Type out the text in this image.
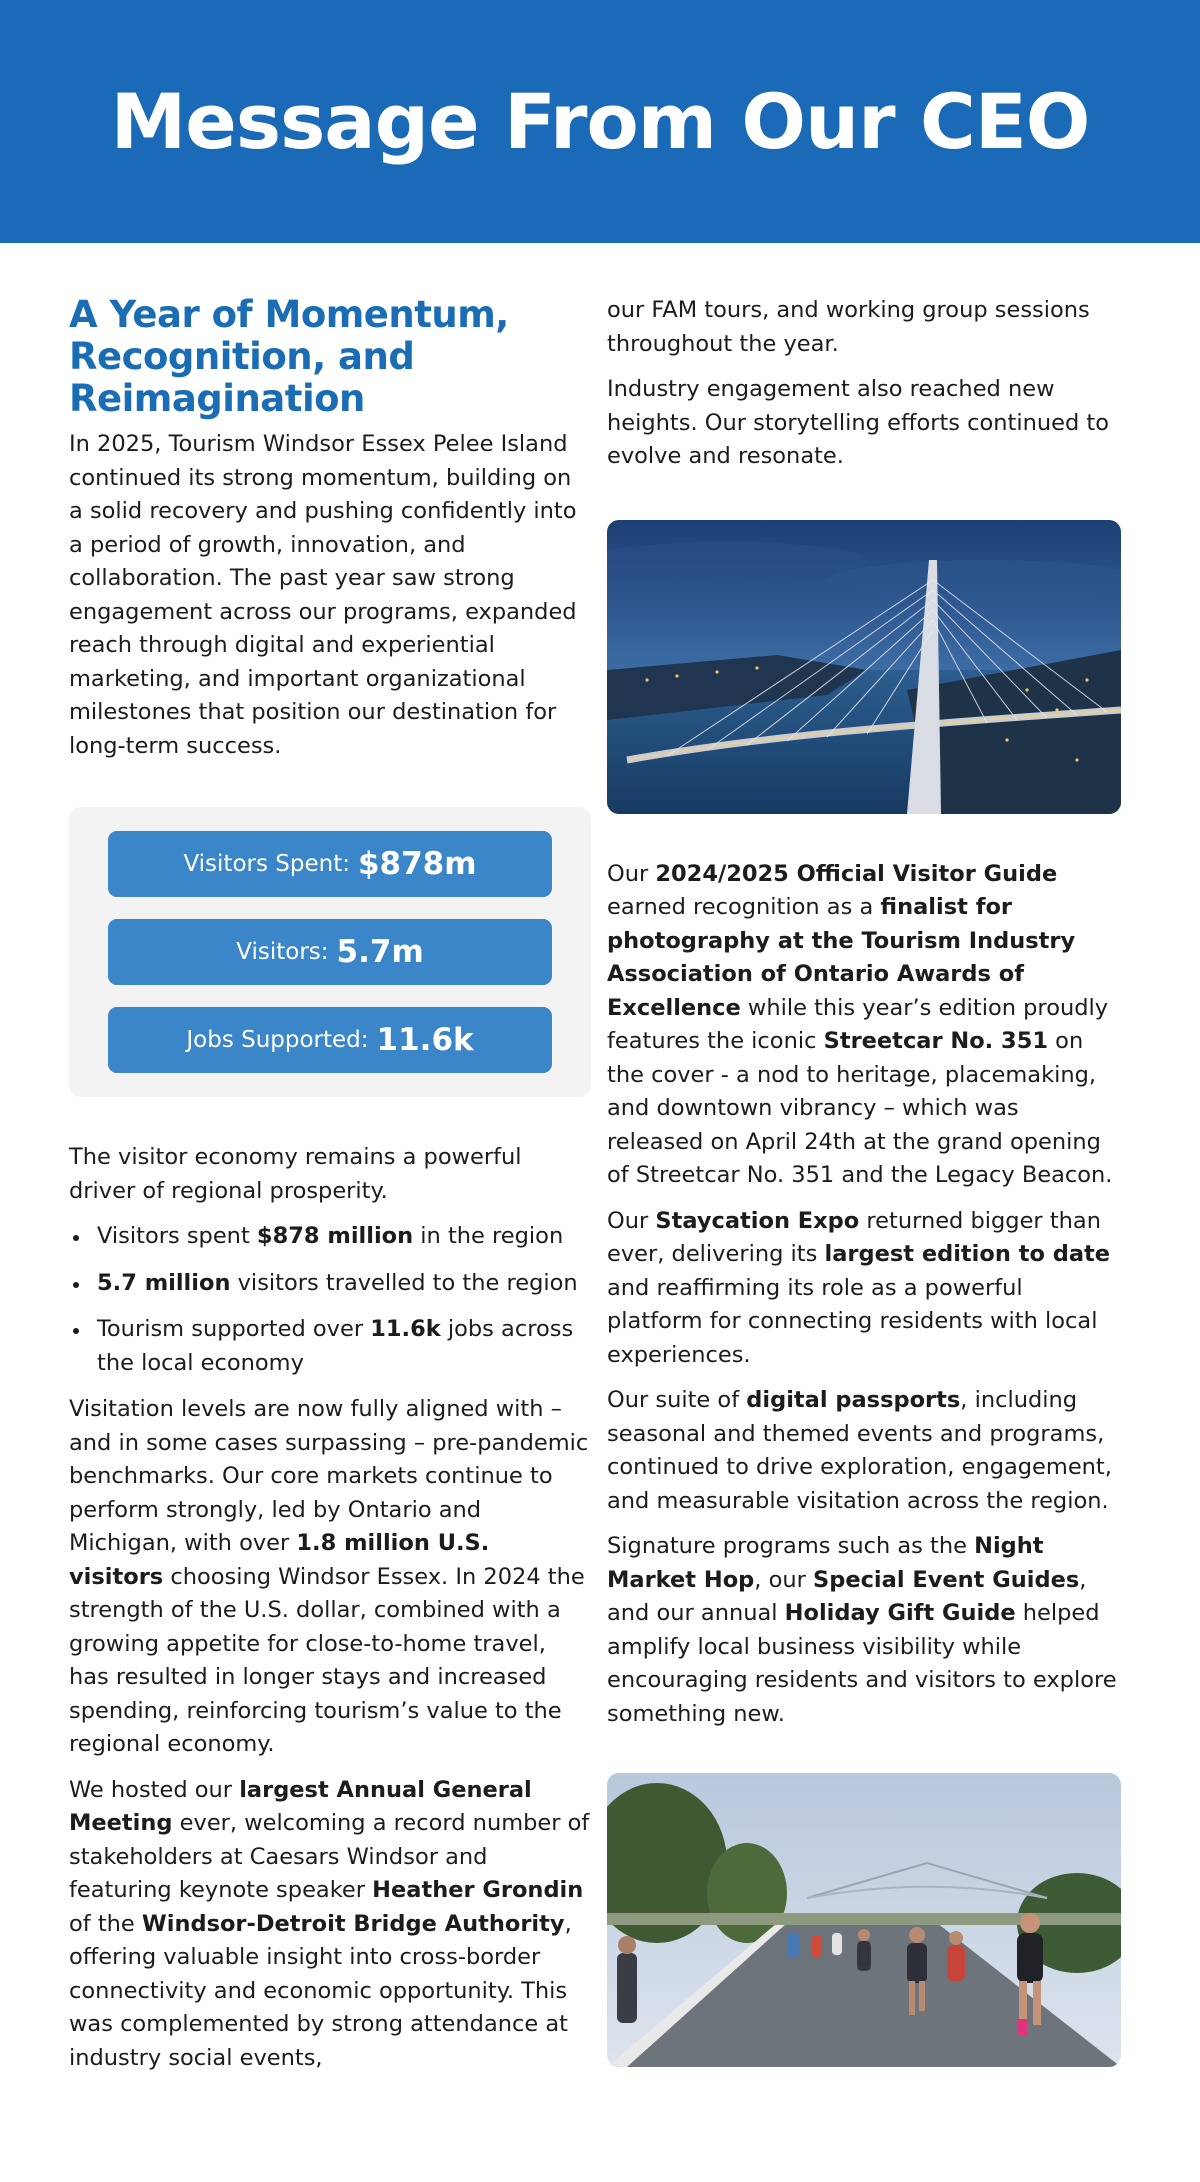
Message From Our CEO
A Year of Momentum, Recognition, and Reimagination

In 2025, Tourism Windsor Essex Pelee Island continued its strong momentum, building on a solid recovery and pushing confidently into a period of growth, innovation, and collaboration. The past year saw strong engagement across our programs, expanded reach through digital and experiential marketing, and important organizational milestones that position our destination for long-term success.

Visitors Spent: $878m
Visitors: 5.7m
Jobs Supported: 11.6k

The visitor economy remains a powerful driver of regional prosperity.

Visitors spent $878 million in the region
5.7 million visitors travelled to the region
Tourism supported over 11.6k jobs across the local economy

Visitation levels are now fully aligned with – and in some cases surpassing – pre-pandemic benchmarks. Our core markets continue to perform strongly, led by Ontario and Michigan, with over 1.8 million U.S. visitors choosing Windsor Essex. In 2024 the strength of the U.S. dollar, combined with a growing appetite for close-to-home travel, has resulted in longer stays and increased spending, reinforcing tourism’s value to the regional economy.

We hosted our largest Annual General Meeting ever, welcoming a record number of stakeholders at Caesars Windsor and featuring keynote speaker Heather Grondin of the Windsor-Detroit Bridge Authority, offering valuable insight into cross-border connectivity and economic opportunity. This was complemented by strong attendance at industry social events,

our FAM tours, and working group sessions throughout the year.

Industry engagement also reached new heights. Our storytelling efforts continued to evolve and resonate.

Our 2024/2025 Official Visitor Guide earned recognition as a finalist for photography at the Tourism Industry Association of Ontario Awards of Excellence while this year’s edition proudly features the iconic Streetcar No. 351 on the cover - a nod to heritage, placemaking, and downtown vibrancy – which was released on April 24th at the grand opening of Streetcar No. 351 and the Legacy Beacon.

Our Staycation Expo returned bigger than ever, delivering its largest edition to date and reaffirming its role as a powerful platform for connecting residents with local experiences.

Our suite of digital passports, including seasonal and themed events and programs, continued to drive exploration, engagement, and measurable visitation across the region.

Signature programs such as the Night Market Hop, our Special Event Guides, and our annual Holiday Gift Guide helped amplify local business visibility while encouraging residents and visitors to explore something new.
